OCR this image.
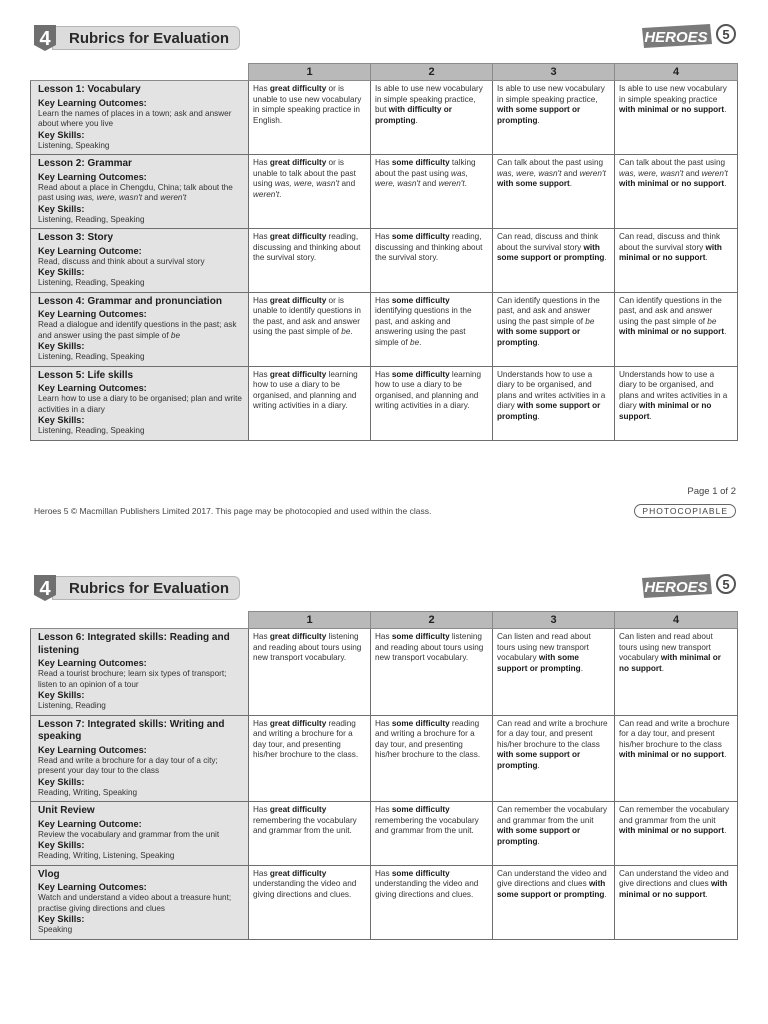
4	Rubrics for Evaluation	HEROES 5
	1	2	3	4

Lesson 1: Vocabulary
Key Learning Outcomes:
Learn the names of places in a town; ask and answer about where you live
Key Skills:
Listening, Speaking	Has great difficulty or is unable to use new vocabulary in simple speaking practice in English.	Is able to use new vocabulary in simple speaking practice, but with difficulty or prompting.	Is able to use new vocabulary in simple speaking practice, with some support or prompting.	Is able to use new vocabulary in simple speaking practice with minimal or no support.

Lesson 2: Grammar
Key Learning Outcomes:
Read about a place in Chengdu, China; talk about the past using was, were, wasn't and weren't
Key Skills:
Listening, Reading, Speaking	Has great difficulty or is unable to talk about the past using was, were, wasn't and weren't.	Has some difficulty talking about the past using was, were, wasn't and weren't.	Can talk about the past using was, were, wasn't and weren't with some support.	Can talk about the past using was, were, wasn't and weren't with minimal or no support.

Lesson 3: Story
Key Learning Outcome:
Read, discuss and think about a survival story
Key Skills:
Listening, Reading, Speaking	Has great difficulty reading, discussing and thinking about the survival story.	Has some difficulty reading, discussing and thinking about the survival story.	Can read, discuss and think about the survival story with some support or prompting.	Can read, discuss and think about the survival story with minimal or no support.

Lesson 4: Grammar and pronunciation
Key Learning Outcomes:
Read a dialogue and identify questions in the past; ask and answer using the past simple of be
Key Skills:
Listening, Reading, Speaking	Has great difficulty or is unable to identify questions in the past, and ask and answer using the past simple of be.	Has some difficulty identifying questions in the past, and asking and answering using the past simple of be.	Can identify questions in the past, and ask and answer using the past simple of be with some support or prompting.	Can identify questions in the past, and ask and answer using the past simple of be with minimal or no support.

Lesson 5: Life skills
Key Learning Outcomes:
Learn how to use a diary to be organised; plan and write activities in a diary
Key Skills:
Listening, Reading, Speaking	Has great difficulty learning how to use a diary to be organised, and planning and writing activities in a diary.	Has some difficulty learning how to use a diary to be organised, and planning and writing activities in a diary.	Understands how to use a diary to be organised, and plans and writes activities in a diary with some support or prompting.	Understands how to use a diary to be organised, and plans and writes activities in a diary with minimal or no support.
Page 1 of 2
Heroes 5 © Macmillan Publishers Limited 2017. This page may be photocopied and used within the class.	PHOTOCOPIABLE
4	Rubrics for Evaluation	HEROES 5
	1	2	3	4

Lesson 6: Integrated skills: Reading and listening
Key Learning Outcomes:
Read a tourist brochure; learn six types of transport; listen to an opinion of a tour
Key Skills:
Listening, Reading	Has great difficulty listening and reading about tours using new transport vocabulary.	Has some difficulty listening and reading about tours using new transport vocabulary.	Can listen and read about tours using new transport vocabulary with some support or prompting.	Can listen and read about tours using new transport vocabulary with minimal or no support.

Lesson 7: Integrated skills: Writing and speaking
Key Learning Outcomes:
Read and write a brochure for a day tour of a city; present your day tour to the class
Key Skills:
Reading, Writing, Speaking	Has great difficulty reading and writing a brochure for a day tour, and presenting his/her brochure to the class.	Has some difficulty reading and writing a brochure for a day tour, and presenting his/her brochure to the class.	Can read and write a brochure for a day tour, and present his/her brochure to the class with some support or prompting.	Can read and write a brochure for a day tour, and present his/her brochure to the class with minimal or no support.

Unit Review
Key Learning Outcome:
Review the vocabulary and grammar from the unit
Key Skills:
Reading, Writing, Listening, Speaking	Has great difficulty remembering the vocabulary and grammar from the unit.	Has some difficulty remembering the vocabulary and grammar from the unit.	Can remember the vocabulary and grammar from the unit with some support or prompting.	Can remember the vocabulary and grammar from the unit with minimal or no support.

Vlog
Key Learning Outcomes:
Watch and understand a video about a treasure hunt; practise giving directions and clues
Key Skills:
Speaking	Has great difficulty understanding the video and giving directions and clues.	Has some difficulty understanding the video and giving directions and clues.	Can understand the video and give directions and clues with some support or prompting.	Can understand the video and give directions and clues with minimal or no support.
